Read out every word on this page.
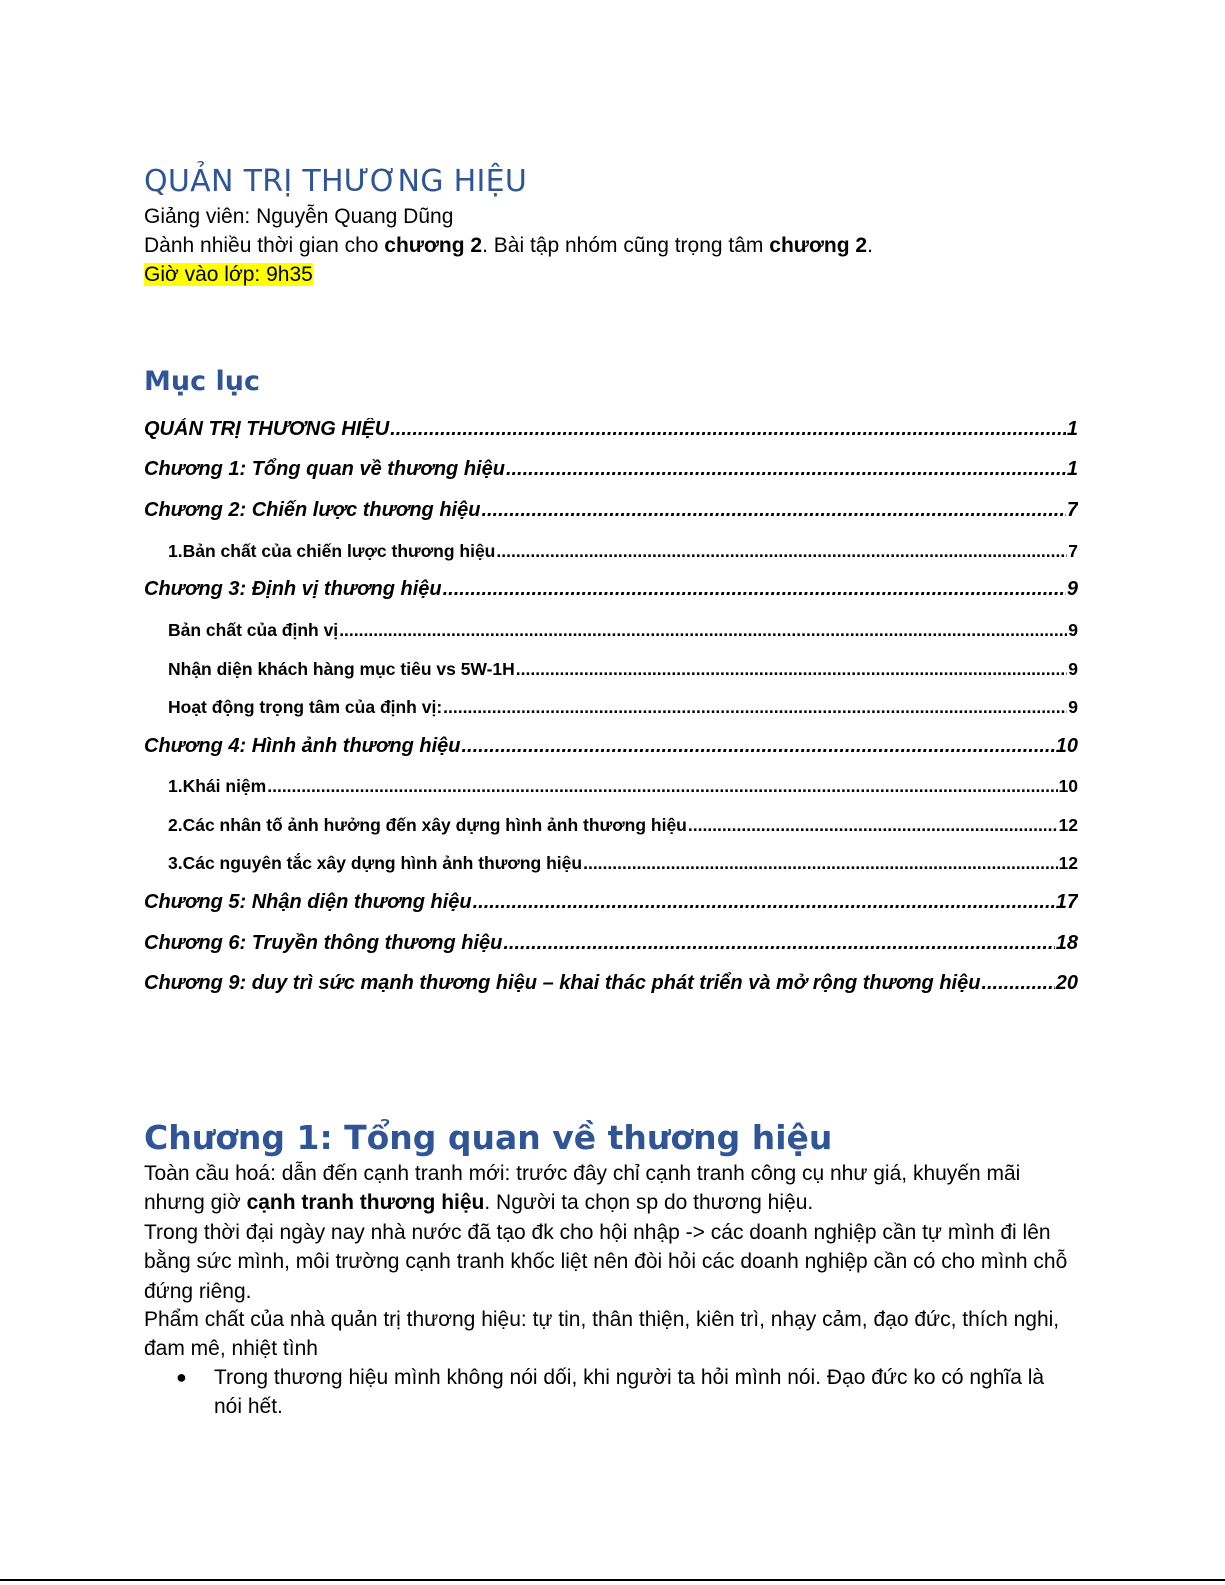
QUẢN TRỊ THƯƠNG HIỆU
Giảng viên: Nguyễn Quang Dũng
Dành nhiều thời gian cho chương 2. Bài tập nhóm cũng trọng tâm chương 2.
Giờ vào lớp: 9h35
Mục lục
QUẢN TRỊ THƯƠNG HIỆU .....	1
Chương 1: Tổng quan về thương hiệu .....	1
Chương 2: Chiến lược thương hiệu .....	7
1.Bản chất của chiến lược thương hiệu .....	7
Chương 3: Định vị thương hiệu .....	9
Bản chất của định vị .....	9
Nhận diện khách hàng mục tiêu vs 5W-1H .....	9
Hoạt động trọng tâm của định vị: .....	9
Chương 4: Hình ảnh thương hiệu .....	10
1.Khái niệm .....	10
2.Các nhân tố ảnh hưởng đến xây dựng hình ảnh thương hiệu .....	12
3.Các nguyên tắc xây dựng hình ảnh thương hiệu .....	12
Chương 5: Nhận diện thương hiệu .....	17
Chương 6: Truyền thông thương hiệu .....	18
Chương 9: duy trì sức mạnh thương hiệu – khai thác phát triển và mở rộng thương hiệu .....	20
Chương 1: Tổng quan về thương hiệu
Toàn cầu hoá: dẫn đến cạnh tranh mới: trước đây chỉ cạnh tranh công cụ như giá, khuyến mãi nhưng giờ cạnh tranh thương hiệu. Người ta chọn sp do thương hiệu.
Trong thời đại ngày nay nhà nước đã tạo đk cho hội nhập -> các doanh nghiệp cần tự mình đi lên bằng sức mình, môi trường cạnh tranh khốc liệt nên đòi hỏi các doanh nghiệp cần có cho mình chỗ đứng riêng.
Phẩm chất của nhà quản trị thương hiệu: tự tin, thân thiện, kiên trì, nhạy cảm, đạo đức, thích nghi, đam mê, nhiệt tình
● Trong thương hiệu mình không nói dối, khi người ta hỏi mình nói. Đạo đức ko có nghĩa là nói hết.
